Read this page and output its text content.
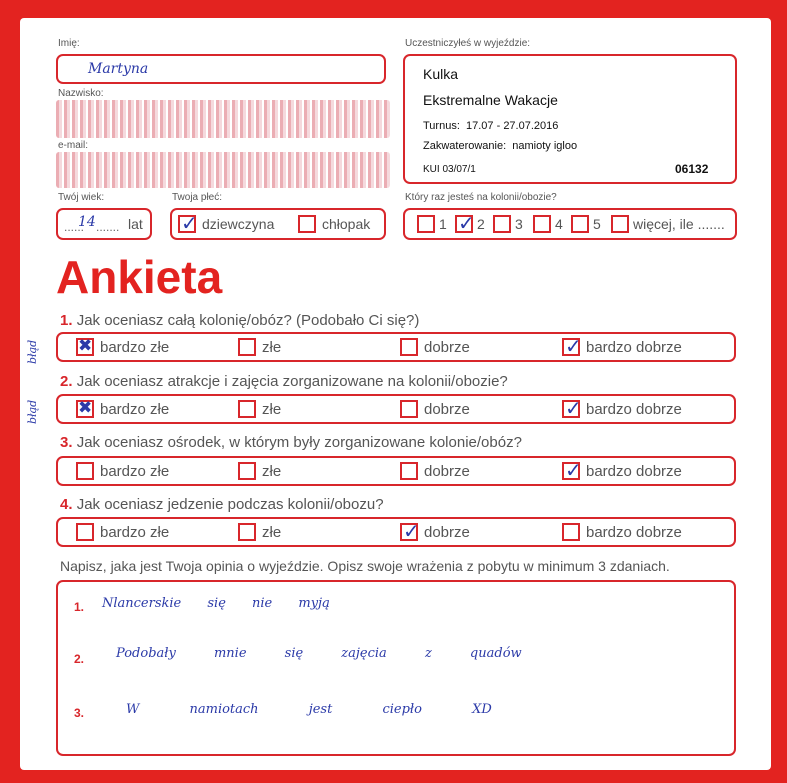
Imię:
Martyna
Nazwisko:
e-mail:
Twój wiek:
......
14 ....... lat
Twoja płeć:
✓
dziewczyna	chłopak
Uczestniczyłeś w wyjeździe:
Kulka
Ekstremalne Wakacje
Turnus: 17.07 - 27.07.2016
Zakwaterowanie: namioty igloo
KUI 03/07/1	06132
Który raz jesteś na kolonii/obozie?
1 ✓ 2 3 4 5 więcej, ile .......
Ankieta
błąd
błąd
1. Jak oceniasz całą kolonię/obóz? (Podobało Ci się?)
✖
bardzo złe	złe	dobrze ✓	bardzo dobrze
2. Jak oceniasz atrakcje i zajęcia zorganizowane na kolonii/obozie?
✖
bardzo złe	złe	dobrze ✓	bardzo dobrze
3. Jak oceniasz ośrodek, w którym były zorganizowane kolonie/obóz?
bardzo złe	złe	dobrze ✓	bardzo dobrze
4. Jak oceniasz jedzenie podczas kolonii/obozu?
bardzo złe	złe ✓	dobrze	bardzo dobrze
Napisz, jaka jest Twoja opinia o wyjeździe. Opisz swoje wrażenia z pobytu w minimum 3 zdaniach.
1. Nlancerskie się nie myją
2. Podobały mnie się zajęcia z quadów
3.	W namiotach jest ciepło XD
